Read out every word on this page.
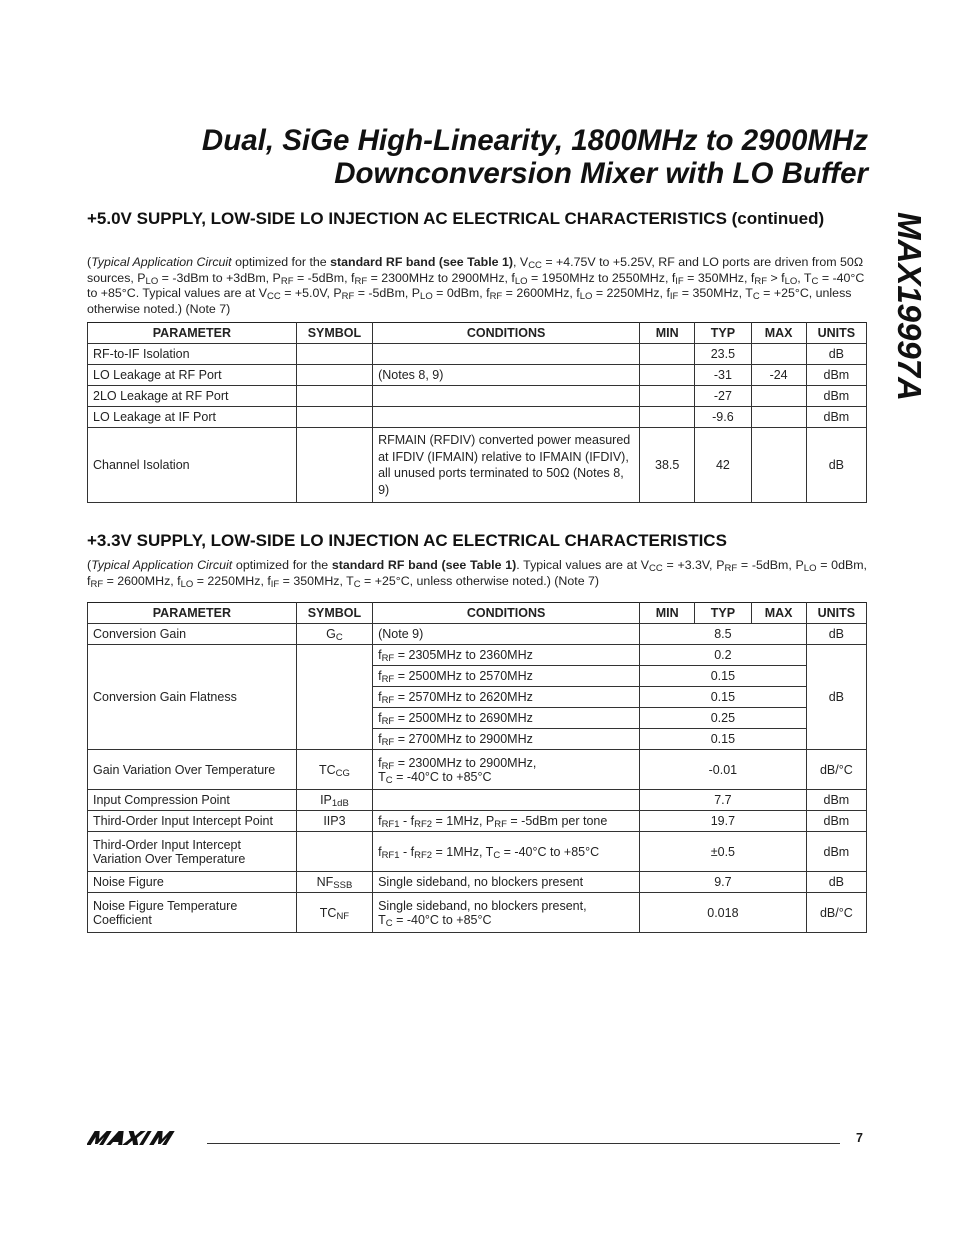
Dual, SiGe High-Linearity, 1800MHz to 2900MHz
Downconversion Mixer with LO Buffer
MAX19997A
+5.0V SUPPLY, LOW-SIDE LO INJECTION AC ELECTRICAL CHARACTERISTICS (continued)
(Typical Application Circuit optimized for the standard RF band (see Table 1), $V_{CC} = +4.75V$ to +5.25V, RF and LO ports are driven from 50Ω sources, $P_{LO} = -3dBm$ to +3dBm, $P_{RF} = -5dBm$, $f_{RF} = 2300MHz$ to 2900MHz, $f_{LO} = 1950MHz$ to 2550MHz, $f_{IF} = 350MHz$, $f_{RF} > f_{LO}$, $T_C = -40^\circ C$ to +85°C. Typical values are at $V_{CC} = +5.0V$, $P_{RF} = -5dBm$, $P_{LO} = 0dBm$, $f_{RF} = 2600MHz$, $f_{LO} = 2250MHz$, $f_{IF} = 350MHz$, $T_C = +25^\circ C$, unless otherwise noted.) (Note 7)
PARAMETER	SYMBOL	CONDITIONS	MIN	TYP	MAX	UNITS
RF-to-IF Isolation				23.5		dB
LO Leakage at RF Port		(Notes 8, 9)		-31	-24	dBm
2LO Leakage at RF Port				-27		dBm
LO Leakage at IF Port				-9.6		dBm
Channel Isolation		RFMAIN (RFDIV) converted power measured at IFDIV (IFMAIN) relative to IFMAIN (IFDIV), all unused ports terminated to 50Ω (Notes 8, 9)	38.5	42		dB
+3.3V SUPPLY, LOW-SIDE LO INJECTION AC ELECTRICAL CHARACTERISTICS
(Typical Application Circuit optimized for the standard RF band (see Table 1). Typical values are at $V_{CC} = +3.3V$, $P_{RF} = -5dBm$, $P_{LO} = 0dBm$, $f_{RF} = 2600MHz$, $f_{LO} = 2250MHz$, $f_{IF} = 350MHz$, $T_C = +25^\circ C$, unless otherwise noted.) (Note 7)
PARAMETER	SYMBOL	CONDITIONS	MIN	TYP	MAX	UNITS
Conversion Gain	$G_C$	(Note 9)	8.5			dB
Conversion Gain Flatness		$f_{RF} = 2305MHz$ to 2360MHz	0.2			dB
		$f_{RF} = 2500MHz$ to 2570MHz	0.15			
		$f_{RF} = 2570MHz$ to 2620MHz	0.15			
		$f_{RF} = 2500MHz$ to 2690MHz	0.25			
		$f_{RF} = 2700MHz$ to 2900MHz	0.15			
Gain Variation Over Temperature	$TC_{CG}$	$f_{RF} = 2300MHz$ to 2900MHz,
$T_C = -40^\circ C$ to +85°C	-0.01			dB/°C
Input Compression Point	$IP_{1dB}$		7.7			dBm
Third-Order Input Intercept Point	IIP3	$f_{RF1} - f_{RF2} = 1MHz$, $P_{RF} = -5dBm$ per tone	19.7			dBm
Third-Order Input Intercept Variation Over Temperature		$f_{RF1} - f_{RF2} = 1MHz$, $T_C = -40^\circ C$ to +85°C	±0.5			dBm
Noise Figure	$NF_{SSB}$	Single sideband, no blockers present	9.7			dB
Noise Figure Temperature Coefficient	$TC_{NF}$	Single sideband, no blockers present,
$T_C = -40^\circ C$ to +85°C	0.018			dB/°C
7
